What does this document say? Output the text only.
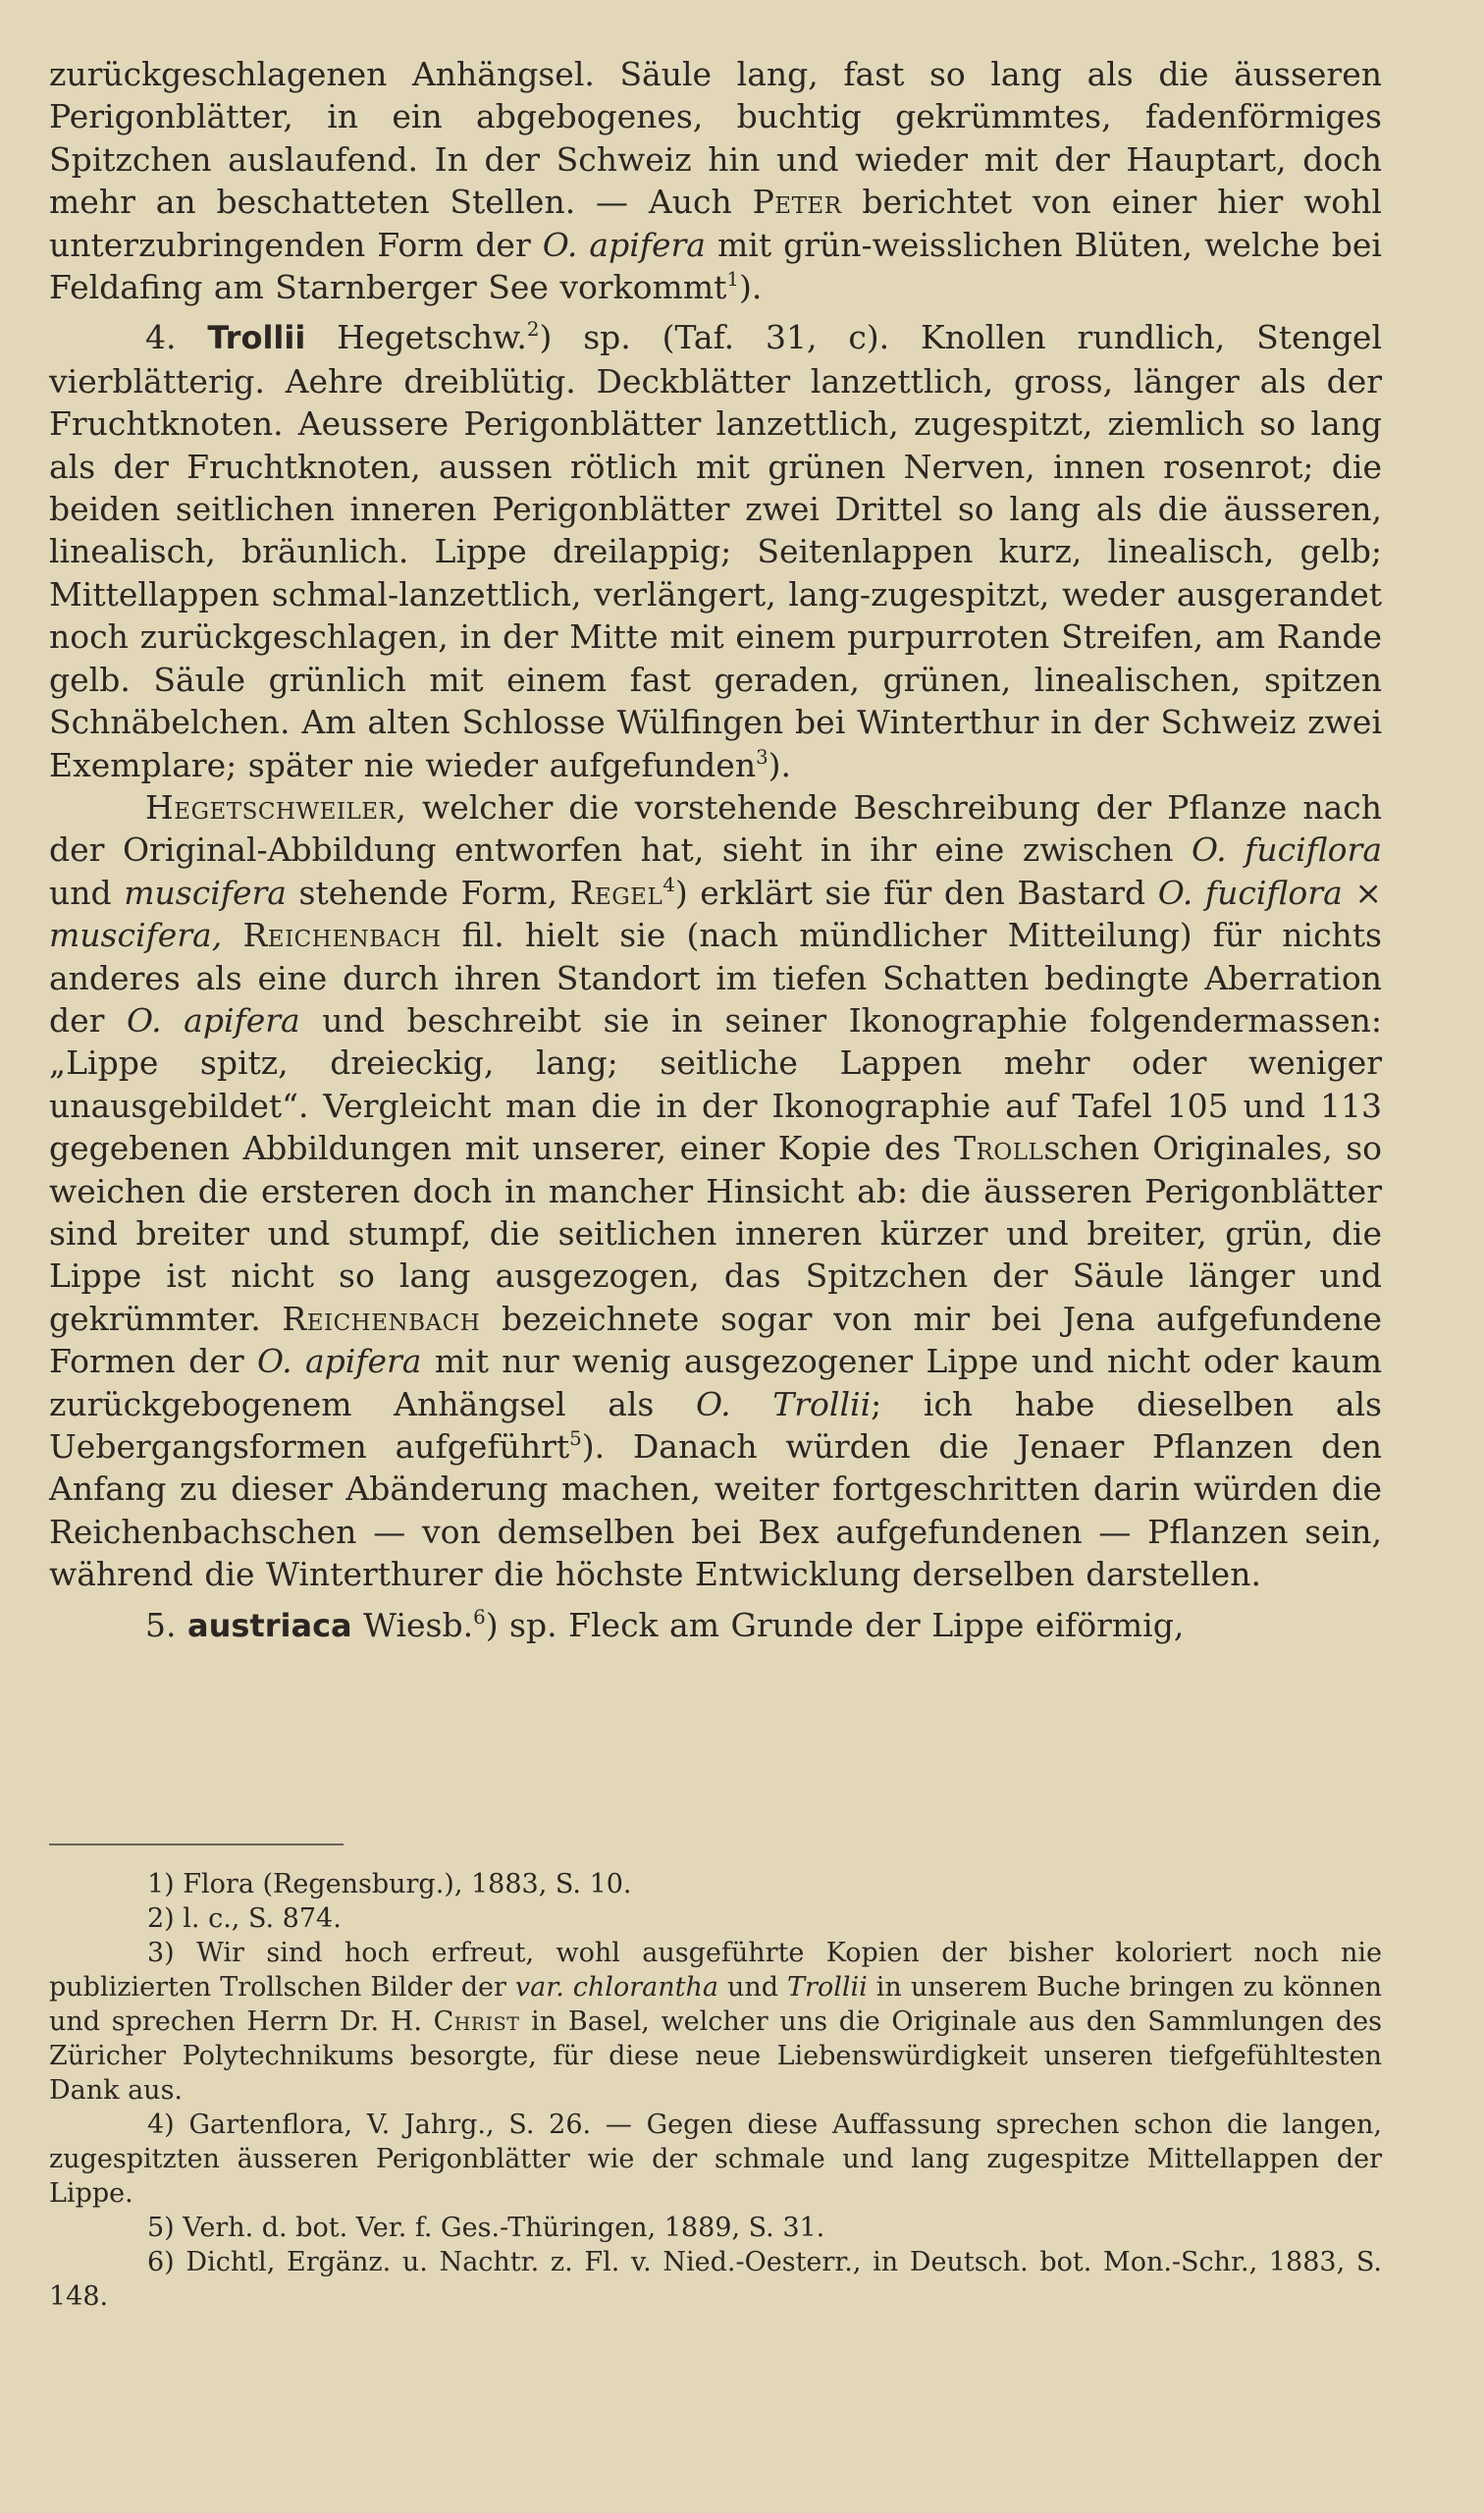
zurückgeschlagenen Anhängsel. Säule lang, fast so lang als die äusseren Perigonblätter, in ein abgebogenes, buchtig gekrümmtes, fadenförmiges Spitzchen auslaufend. In der Schweiz hin und wieder mit der Hauptart, doch mehr an beschatteten Stellen. — Auch Peter berichtet von einer hier wohl unterzubringenden Form der O. apifera mit grün-weisslichen Blüten, welche bei Feldafing am Starnberger See vorkommt$^1$).

4. Trollii Hegetschw.$^2$) sp. (Taf. 31, c). Knollen rundlich, Stengel vierblätterig. Aehre dreiblütig. Deckblätter lanzettlich, gross, länger als der Fruchtknoten. Aeussere Perigonblätter lanzettlich, zugespitzt, ziemlich so lang als der Fruchtknoten, aussen rötlich mit grünen Nerven, innen rosenrot; die beiden seitlichen inneren Perigonblätter zwei Drittel so lang als die äusseren, linealisch, bräunlich. Lippe dreilappig; Seitenlappen kurz, linealisch, gelb; Mittellappen schmal-lanzettlich, verlängert, lang-zugespitzt, weder ausgerandet noch zurückgeschlagen, in der Mitte mit einem purpurroten Streifen, am Rande gelb. Säule grünlich mit einem fast geraden, grünen, linealischen, spitzen Schnäbelchen. Am alten Schlosse Wülfingen bei Winterthur in der Schweiz zwei Exemplare; später nie wieder aufgefunden$^3$).

Hegetschweiler, welcher die vorstehende Beschreibung der Pflanze nach der Original-Abbildung entworfen hat, sieht in ihr eine zwischen O. fuciflora und muscifera stehende Form, Regel$^4$) erklärt sie für den Bastard O. fuciflora × muscifera, Reichenbach fil. hielt sie (nach mündlicher Mitteilung) für nichts anderes als eine durch ihren Standort im tiefen Schatten bedingte Aberration der O. apifera und beschreibt sie in seiner Ikonographie folgendermassen: „Lippe spitz, dreieckig, lang; seitliche Lappen mehr oder weniger unausgebildet“. Vergleicht man die in der Ikonographie auf Tafel 105 und 113 gegebenen Abbildungen mit unserer, einer Kopie des Trollschen Originales, so weichen die ersteren doch in mancher Hinsicht ab: die äusseren Perigonblätter sind breiter und stumpf, die seitlichen inneren kürzer und breiter, grün, die Lippe ist nicht so lang ausgezogen, das Spitzchen der Säule länger und gekrümmter. Reichenbach bezeichnete sogar von mir bei Jena aufgefundene Formen der O. apifera mit nur wenig ausgezogener Lippe und nicht oder kaum zurückgebogenem Anhängsel als O. Trollii; ich habe dieselben als Uebergangsformen aufgeführt$^5$). Danach würden die Jenaer Pflanzen den Anfang zu dieser Abänderung machen, weiter fortgeschritten darin würden die Reichenbachschen — von demselben bei Bex aufgefundenen — Pflanzen sein, während die Winterthurer die höchste Entwicklung derselben darstellen.

5. austriaca Wiesb.$^6$) sp. Fleck am Grunde der Lippe eiförmig,

1) Flora (Regensburg.), 1883, S. 10.

2) l. c., S. 874.

3) Wir sind hoch erfreut, wohl ausgeführte Kopien der bisher koloriert noch nie publizierten Trollschen Bilder der var. chlorantha und Trollii in unserem Buche bringen zu können und sprechen Herrn Dr. H. Christ in Basel, welcher uns die Originale aus den Sammlungen des Züricher Polytechnikums besorgte, für diese neue Liebenswürdigkeit unseren tiefgefühltesten Dank aus.

4) Gartenflora, V. Jahrg., S. 26. — Gegen diese Auffassung sprechen schon die langen, zugespitzten äusseren Perigonblätter wie der schmale und lang zugespitze Mittellappen der Lippe.

5) Verh. d. bot. Ver. f. Ges.-Thüringen, 1889, S. 31.

6) Dichtl, Ergänz. u. Nachtr. z. Fl. v. Nied.-Oesterr., in Deutsch. bot. Mon.-Schr., 1883, S. 148.
